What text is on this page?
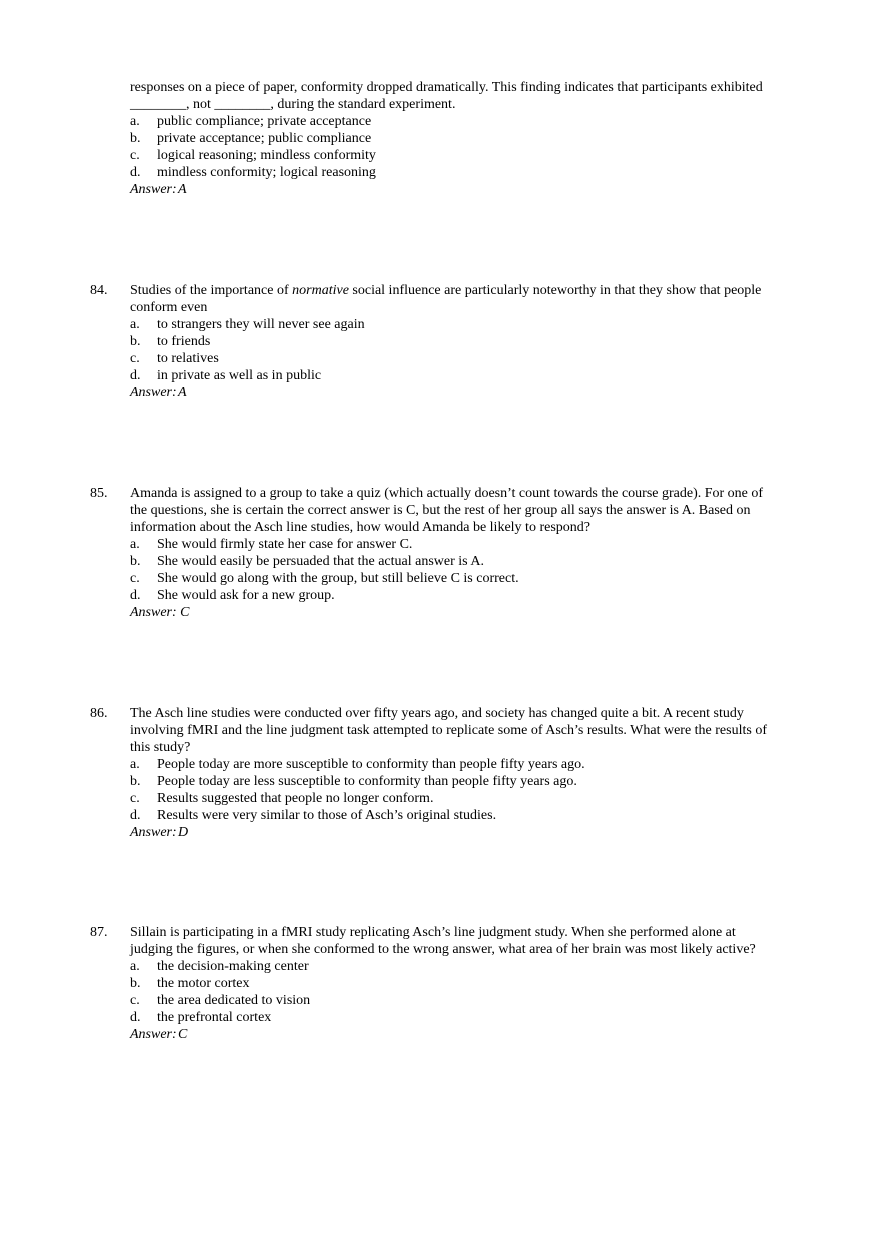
responses on a piece of paper, conformity dropped dramatically. This finding indicates that participants exhibited
________, not ________, during the standard experiment.
a. public compliance; private acceptance
b. private acceptance; public compliance
c. logical reasoning; mindless conformity
d. mindless conformity; logical reasoning
Answer:A
84.	Studies of the importance of normative social influence are particularly noteworthy in that they show that people
conform even
a. to strangers they will never see again
b. to friends
c. to relatives
d. in private as well as in public
Answer:A
85.	Amanda is assigned to a group to take a quiz (which actually doesn’t count towards the course grade). For one of
the questions, she is certain the correct answer is C, but the rest of her group all says the answer is A. Based on
information about the Asch line studies, how would Amanda be likely to respond?
a. She would firmly state her case for answer C.
b. She would easily be persuaded that the actual answer is A.
c. She would go along with the group, but still believe C is correct.
d. She would ask for a new group.
Answer: C
86.	The Asch line studies were conducted over fifty years ago, and society has changed quite a bit. A recent study
involving fMRI and the line judgment task attempted to replicate some of Asch’s results. What were the results of
this study?
a. People today are more susceptible to conformity than people fifty years ago.
b. People today are less susceptible to conformity than people fifty years ago.
c. Results suggested that people no longer conform.
d. Results were very similar to those of Asch’s original studies.
Answer:D
87.	Sillain is participating in a fMRI study replicating Asch’s line judgment study. When she performed alone at
judging the figures, or when she conformed to the wrong answer, what area of her brain was most likely active?
a. the decision-making center
b. the motor cortex
c. the area dedicated to vision
d. the prefrontal cortex
Answer:C
